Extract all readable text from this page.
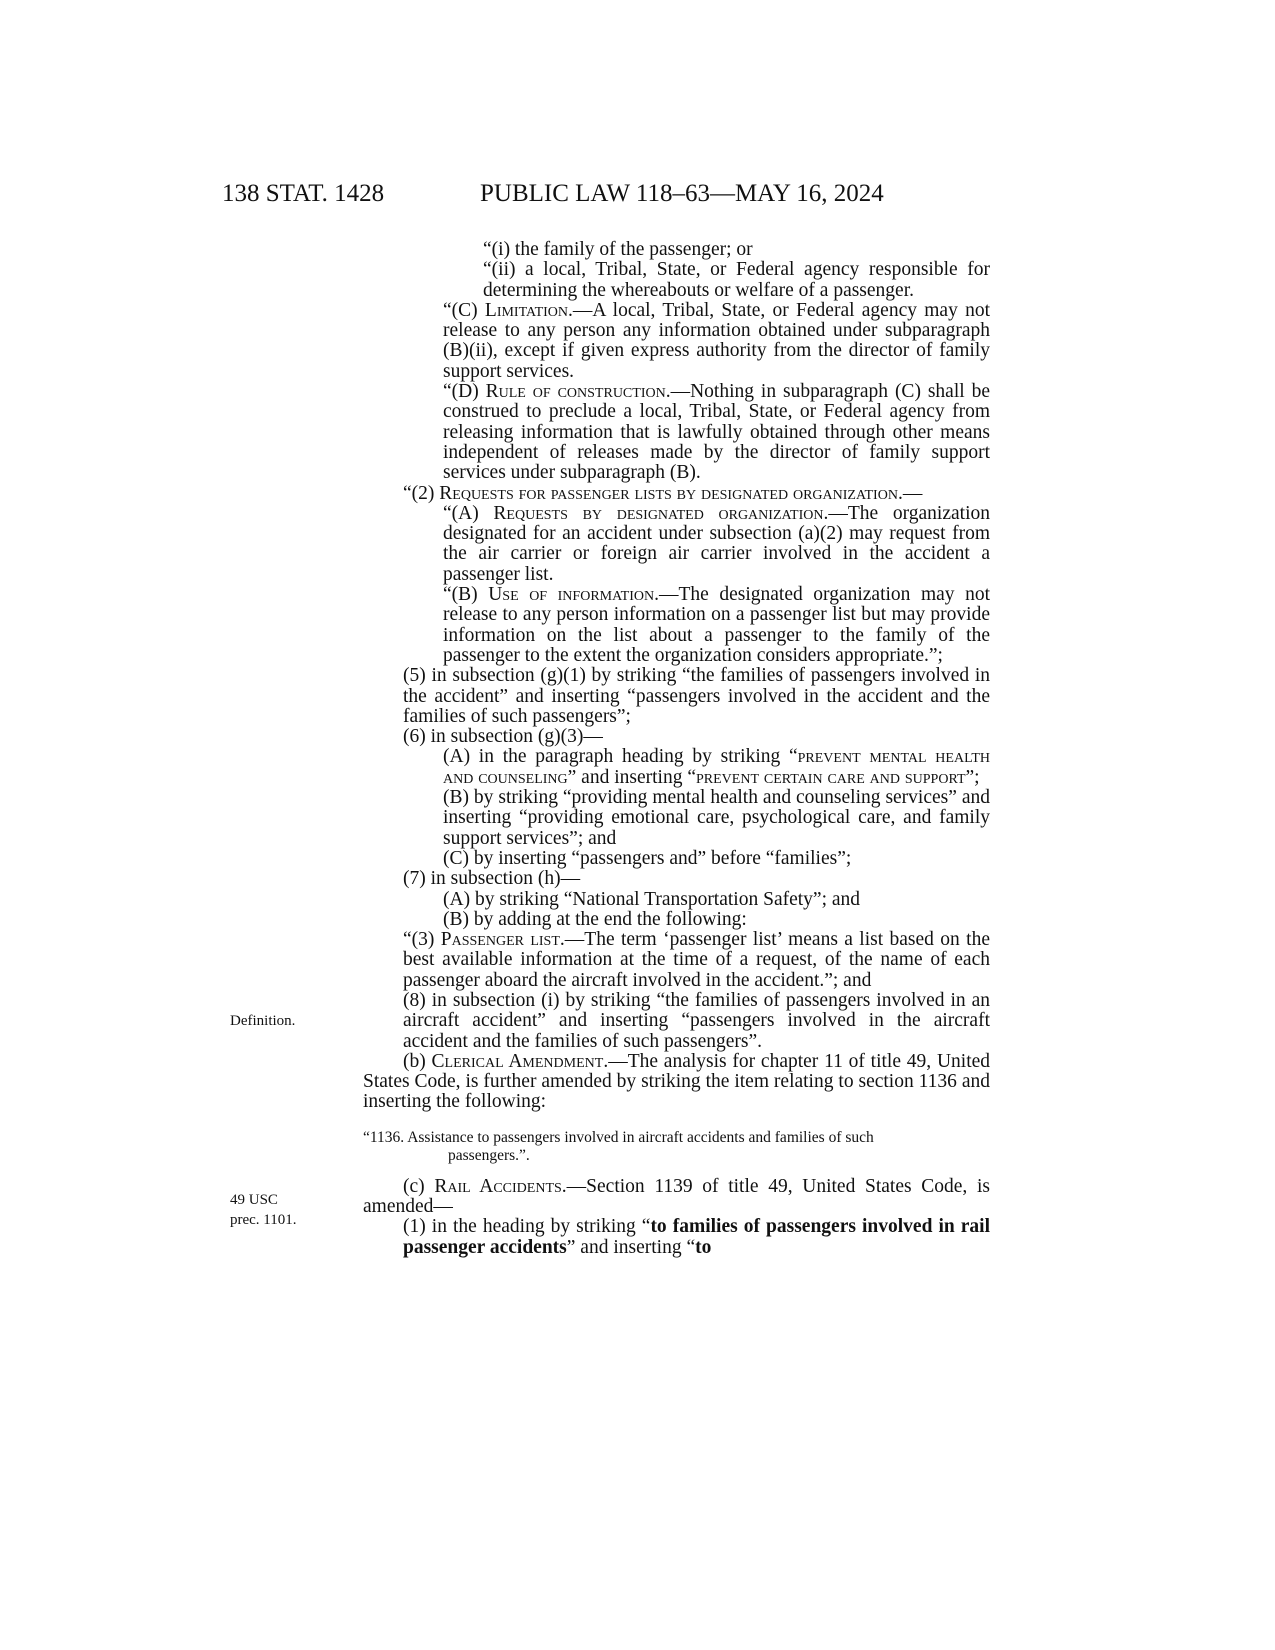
138 STAT. 1428	PUBLIC LAW 118–63—MAY 16, 2024
Definition.
49 USC
prec. 1101.

“(i) the family of the passenger; or

“(ii) a local, Tribal, State, or Federal agency responsible for determining the whereabouts or welfare of a passenger.

“(C) Limitation.—A local, Tribal, State, or Federal agency may not release to any person any information obtained under subparagraph (B)(ii), except if given express authority from the director of family support services.

“(D) Rule of construction.—Nothing in subparagraph (C) shall be construed to preclude a local, Tribal, State, or Federal agency from releasing information that is lawfully obtained through other means independent of releases made by the director of family support services under subparagraph (B).

“(2) Requests for passenger lists by designated organization.—

“(A) Requests by designated organization.—The organization designated for an accident under subsection (a)(2) may request from the air carrier or foreign air carrier involved in the accident a passenger list.

“(B) Use of information.—The designated organization may not release to any person information on a passenger list but may provide information on the list about a passenger to the family of the passenger to the extent the organization considers appropriate.”;

(5) in subsection (g)(1) by striking “the families of passengers involved in the accident” and inserting “passengers involved in the accident and the families of such passengers”;

(6) in subsection (g)(3)—

(A) in the paragraph heading by striking “prevent mental health and counseling” and inserting “prevent certain care and support”;

(B) by striking “providing mental health and counseling services” and inserting “providing emotional care, psychological care, and family support services”; and

(C) by inserting “passengers and” before “families”;

(7) in subsection (h)—

(A) by striking “National Transportation Safety”; and

(B) by adding at the end the following:

“(3) Passenger list.—The term ‘passenger list’ means a list based on the best available information at the time of a request, of the name of each passenger aboard the aircraft involved in the accident.”; and

(8) in subsection (i) by striking “the families of passengers involved in an aircraft accident” and inserting “passengers involved in the aircraft accident and the families of such passengers”.

(b) Clerical Amendment.—The analysis for chapter 11 of title 49, United States Code, is further amended by striking the item relating to section 1136 and inserting the following:

“1136. Assistance to passengers involved in aircraft accidents and families of such
passengers.”.

(c) Rail Accidents.—Section 1139 of title 49, United States Code, is amended—

(1) in the heading by striking “to families of passengers involved in rail passenger accidents” and inserting “to
